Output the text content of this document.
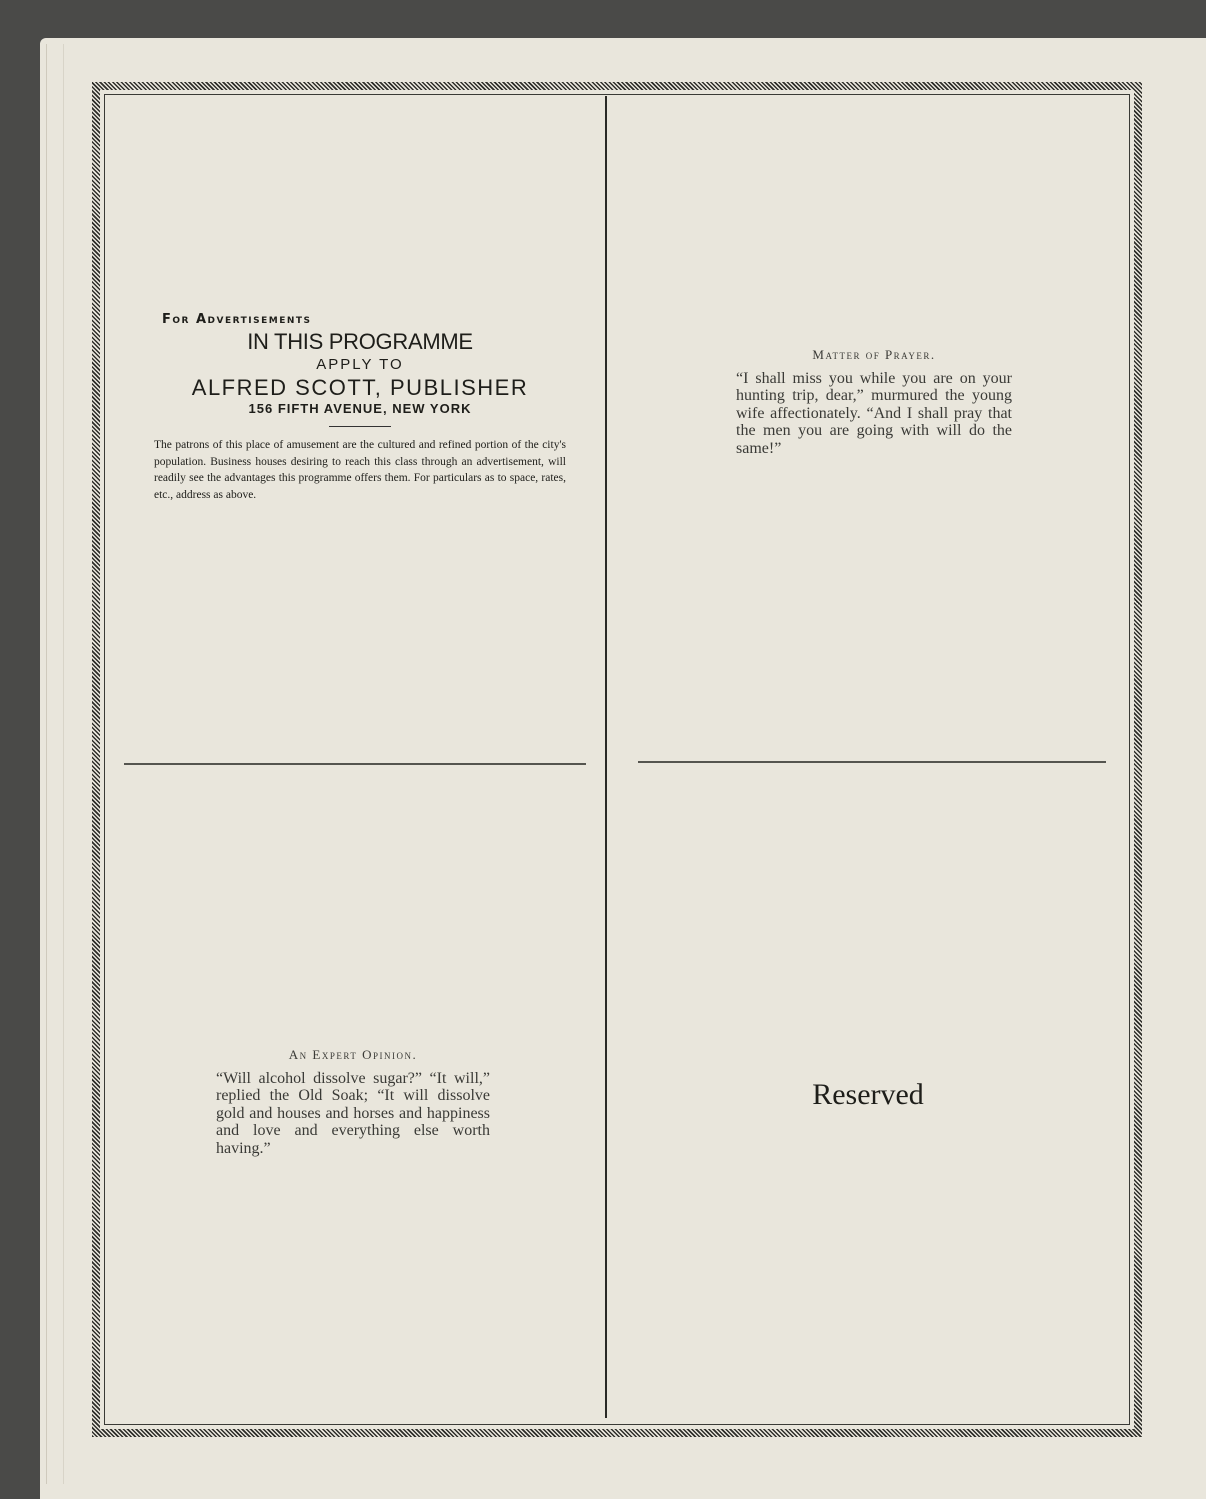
For Advertisements
IN THIS PROGRAMME
APPLY TO
ALFRED SCOTT, PUBLISHER
156 FIFTH AVENUE, NEW YORK
The patrons of this place of amusement are the cultured and refined portion of the city's population. Business houses desiring to reach this class through an advertisement, will readily see the advantages this programme offers them. For particulars as to space, rates, etc., address as above.
Matter of Prayer.
“I shall miss you while you are on your hunting trip, dear,” murmured the young wife affectionately. “And I shall pray that the men you are going with will do the same!”
An Expert Opinion.
“Will alcohol dissolve sugar?” “It will,” replied the Old Soak; “It will dissolve gold and houses and horses and happiness and love and everything else worth having.”
Reserved
